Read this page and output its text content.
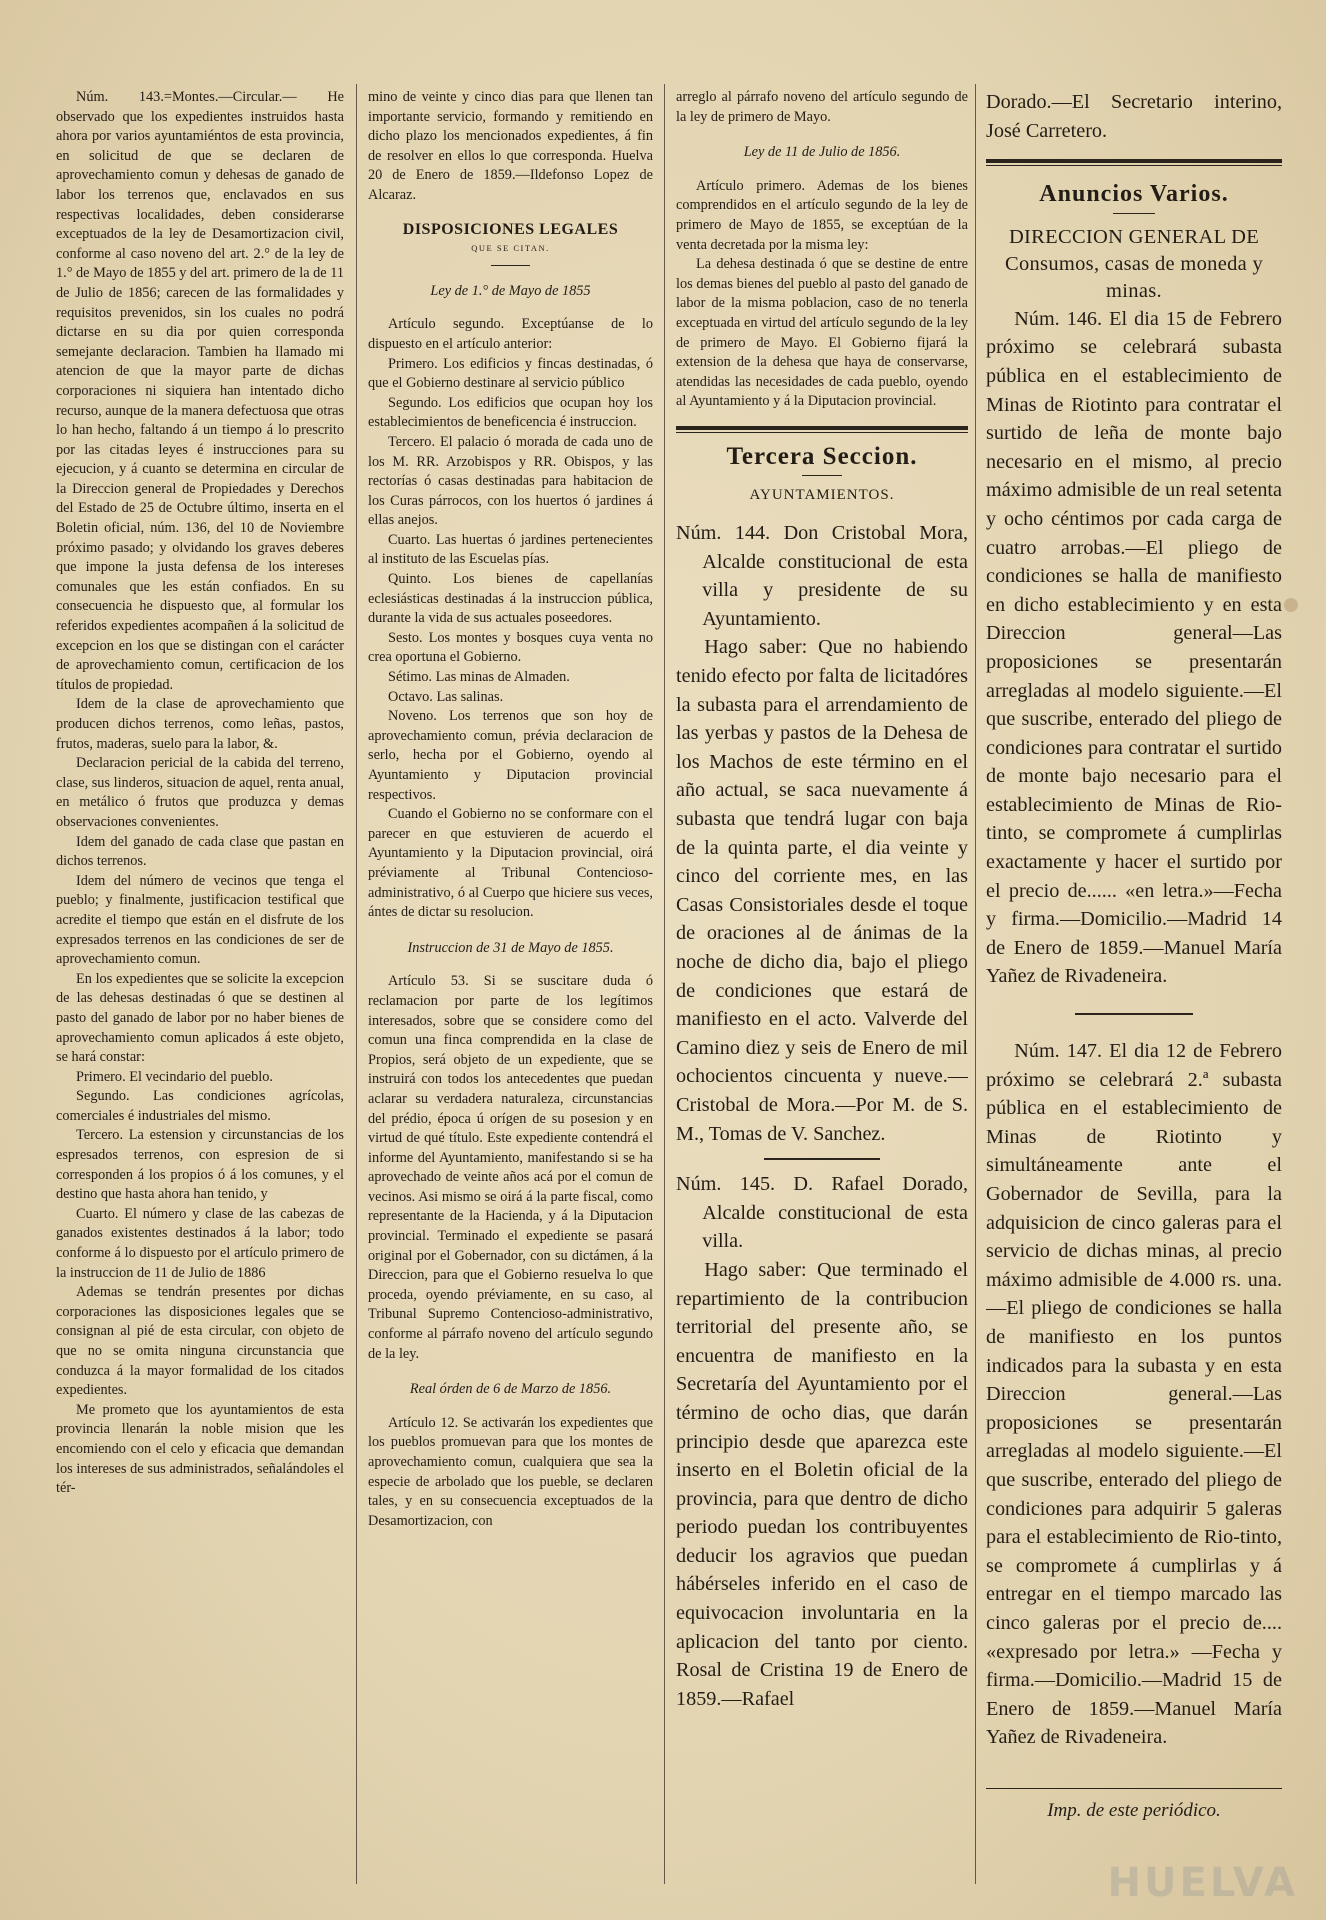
Núm. 143.=Montes.—Circular.— He observado que los expedientes instruidos hasta ahora por varios ayuntamiéntos de esta provincia, en solicitud de que se declaren de aprovechamiento comun y dehesas de ganado de labor los terrenos que, enclavados en sus respectivas localidades, deben considerarse exceptuados de la ley de Desamortizacion civil, conforme al caso noveno del art. 2.° de la ley de 1.° de Mayo de 1855 y del art. primero de la de 11 de Julio de 1856; carecen de las formalidades y requisitos prevenidos, sin los cuales no podrá dictarse en su dia por quien corresponda semejante declaracion. Tambien ha llamado mi atencion de que la mayor parte de dichas corporaciones ni siquiera han intentado dicho recurso, aunque de la manera defectuosa que otras lo han hecho, faltando á un tiempo á lo prescrito por las citadas leyes é instrucciones para su ejecucion, y á cuanto se determina en circular de la Direccion general de Propiedades y Derechos del Estado de 25 de Octubre último, inserta en el Boletin oficial, núm. 136, del 10 de Noviembre próximo pasado; y olvidando los graves deberes que impone la justa defensa de los intereses comunales que les están confiados. En su consecuencia he dispuesto que, al formular los referidos expedientes acompañen á la solicitud de excepcion en los que se distingan con el carácter de aprovechamiento comun, certificacion de los títulos de propiedad.

Idem de la clase de aprovechamiento que producen dichos terrenos, como leñas, pastos, frutos, maderas, suelo para la labor, &.

Declaracion pericial de la cabida del terreno, clase, sus linderos, situacion de aquel, renta anual, en metálico ó frutos que produzca y demas observaciones convenientes.

Idem del ganado de cada clase que pastan en dichos terrenos.

Idem del número de vecinos que tenga el pueblo; y finalmente, justificacion testifical que acredite el tiempo que están en el disfrute de los expresados terrenos en las condiciones de ser de aprovechamiento comun.

En los expedientes que se solicite la excepcion de las dehesas destinadas ó que se destinen al pasto del ganado de labor por no haber bienes de aprovechamiento comun aplicados á este objeto, se hará constar:

Primero. El vecindario del pueblo.

Segundo. Las condiciones agrícolas, comerciales é industriales del mismo.

Tercero. La estension y circunstancias de los espresados terrenos, con espresion de si corresponden á los propios ó á los comunes, y el destino que hasta ahora han tenido, y

Cuarto. El número y clase de las cabezas de ganados existentes destinados á la labor; todo conforme á lo dispuesto por el artículo primero de la instruccion de 11 de Julio de 1886

Ademas se tendrán presentes por dichas corporaciones las disposiciones legales que se consignan al pié de esta circular, con objeto de que no se omita ninguna circunstancia que conduzca á la mayor formalidad de los citados expedientes.

Me prometo que los ayuntamientos de esta provincia llenarán la noble mision que les encomiendo con el celo y eficacia que demandan los intereses de sus administrados, señalándoles el tér-

mino de veinte y cinco dias para que llenen tan importante servicio, formando y remitiendo en dicho plazo los mencionados expedientes, á fin de resolver en ellos lo que corresponda. Huelva 20 de Enero de 1859.—Ildefonso Lopez de Alcaraz.

DISPOSICIONES LEGALES
QUE SE CITAN.
Ley de 1.° de Mayo de 1855

Artículo segundo. Exceptúanse de lo dispuesto en el artículo anterior:

Primero. Los edificios y fincas destinadas, ó que el Gobierno destinare al servicio público

Segundo. Los edificios que ocupan hoy los establecimientos de beneficencia é instruccion.

Tercero. El palacio ó morada de cada uno de los M. RR. Arzobispos y RR. Obispos, y las rectorías ó casas destinadas para habitacion de los Curas párrocos, con los huertos ó jardines á ellas anejos.

Cuarto. Las huertas ó jardines pertenecientes al instituto de las Escuelas pías.

Quinto. Los bienes de capellanías eclesiásticas destinadas á la instruccion pública, durante la vida de sus actuales poseedores.

Sesto. Los montes y bosques cuya venta no crea oportuna el Gobierno.

Sétimo. Las minas de Almaden.

Octavo. Las salinas.

Noveno. Los terrenos que son hoy de aprovechamiento comun, prévia declaracion de serlo, hecha por el Gobierno, oyendo al Ayuntamiento y Diputacion provincial respectivos.

Cuando el Gobierno no se conformare con el parecer en que estuvieren de acuerdo el Ayuntamiento y la Diputacion provincial, oirá préviamente al Tribunal Contencioso-administrativo, ó al Cuerpo que hiciere sus veces, ántes de dictar su resolucion.

Instruccion de 31 de Mayo de 1855.

Artículo 53. Si se suscitare duda ó reclamacion por parte de los legítimos interesados, sobre que se considere como del comun una finca comprendida en la clase de Propios, será objeto de un expediente, que se instruirá con todos los antecedentes que puedan aclarar su verdadera naturaleza, circunstancias del prédio, época ú orígen de su posesion y en virtud de qué título. Este expediente contendrá el informe del Ayuntamiento, manifestando si se ha aprovechado de veinte años acá por el comun de vecinos. Asi mismo se oirá á la parte fiscal, como representante de la Hacienda, y á la Diputacion provincial. Terminado el expediente se pasará original por el Gobernador, con su dictámen, á la Direccion, para que el Gobierno resuelva lo que proceda, oyendo préviamente, en su caso, al Tribunal Supremo Contencioso-administrativo, conforme al párrafo noveno del artículo segundo de la ley.

Real órden de 6 de Marzo de 1856.

Artículo 12. Se activarán los expedientes que los pueblos promuevan para que los montes de aprovechamiento comun, cualquiera que sea la especie de arbolado que los pueble, se declaren tales, y en su consecuencia exceptuados de la Desamortizacion, con

arreglo al párrafo noveno del artículo segundo de la ley de primero de Mayo.

Ley de 11 de Julio de 1856.

Artículo primero. Ademas de los bienes comprendidos en el artículo segundo de la ley de primero de Mayo de 1855, se exceptúan de la venta decretada por la misma ley:

La dehesa destinada ó que se destine de entre los demas bienes del pueblo al pasto del ganado de labor de la misma poblacion, caso de no tenerla exceptuada en virtud del artículo segundo de la ley de primero de Mayo. El Gobierno fijará la extension de la dehesa que haya de conservarse, atendidas las necesidades de cada pueblo, oyendo al Ayuntamiento y á la Diputacion provincial.

Tercera Seccion.
AYUNTAMIENTOS.

Núm. 144. Don Cristobal Mora, Alcalde constitucional de esta villa y presidente de su Ayuntamiento.

Hago saber: Que no habiendo tenido efecto por falta de licitadóres la subasta para el arrendamiento de las yerbas y pastos de la Dehesa de los Machos de este término en el año actual, se saca nuevamente á subasta que tendrá lugar con baja de la quinta parte, el dia veinte y cinco del corriente mes, en las Casas Consistoriales desde el toque de oraciones al de ánimas de la noche de dicho dia, bajo el pliego de condiciones que estará de manifiesto en el acto. Valverde del Camino diez y seis de Enero de mil ochocientos cincuenta y nueve.—Cristobal de Mora.—Por M. de S. M., Tomas de V. Sanchez.

Núm. 145. D. Rafael Dorado, Alcalde constitucional de esta villa.

Hago saber: Que terminado el repartimiento de la contribucion territorial del presente año, se encuentra de manifiesto en la Secretaría del Ayuntamiento por el término de ocho dias, que darán principio desde que aparezca este inserto en el Boletin oficial de la provincia, para que dentro de dicho periodo puedan los contribuyentes deducir los agravios que puedan hábérseles inferido en el caso de equivocacion involuntaria en la aplicacion del tanto por ciento. Rosal de Cristina 19 de Enero de 1859.—Rafael

Dorado.—El Secretario interino, José Carretero.

Anuncios Varios.
DIRECCION GENERAL DE Consumos, casas de moneda y minas.

Núm. 146. El dia 15 de Febrero próximo se celebrará subasta pública en el establecimiento de Minas de Riotinto para contratar el surtido de leña de monte bajo necesario en el mismo, al precio máximo admisible de un real setenta y ocho céntimos por cada carga de cuatro arrobas.—El pliego de condiciones se halla de manifiesto en dicho establecimiento y en esta Direccion general—Las proposiciones se presentarán arregladas al modelo siguiente.—El que suscribe, enterado del pliego de condiciones para contratar el surtido de monte bajo necesario para el establecimiento de Minas de Rio-tinto, se compromete á cumplirlas exactamente y hacer el surtido por el precio de...... «en letra.»—Fecha y firma.—Domicilio.—Madrid 14 de Enero de 1859.—Manuel María Yañez de Rivadeneira.

Núm. 147. El dia 12 de Febrero próximo se celebrará 2.ª subasta pública en el establecimiento de Minas de Riotinto y simultáneamente ante el Gobernador de Sevilla, para la adquisicion de cinco galeras para el servicio de dichas minas, al precio máximo admisible de 4.000 rs. una.—El pliego de condiciones se halla de manifiesto en los puntos indicados para la subasta y en esta Direccion general.—Las proposiciones se presentarán arregladas al modelo siguiente.—El que suscribe, enterado del pliego de condiciones para adquirir 5 galeras para el establecimiento de Rio-tinto, se compromete á cumplirlas y á entregar en el tiempo marcado las cinco galeras por el precio de.... «expresado por letra.» —Fecha y firma.—Domicilio.—Madrid 15 de Enero de 1859.—Manuel María Yañez de Rivadeneira.

Imp. de este periódico.
HUELVA
